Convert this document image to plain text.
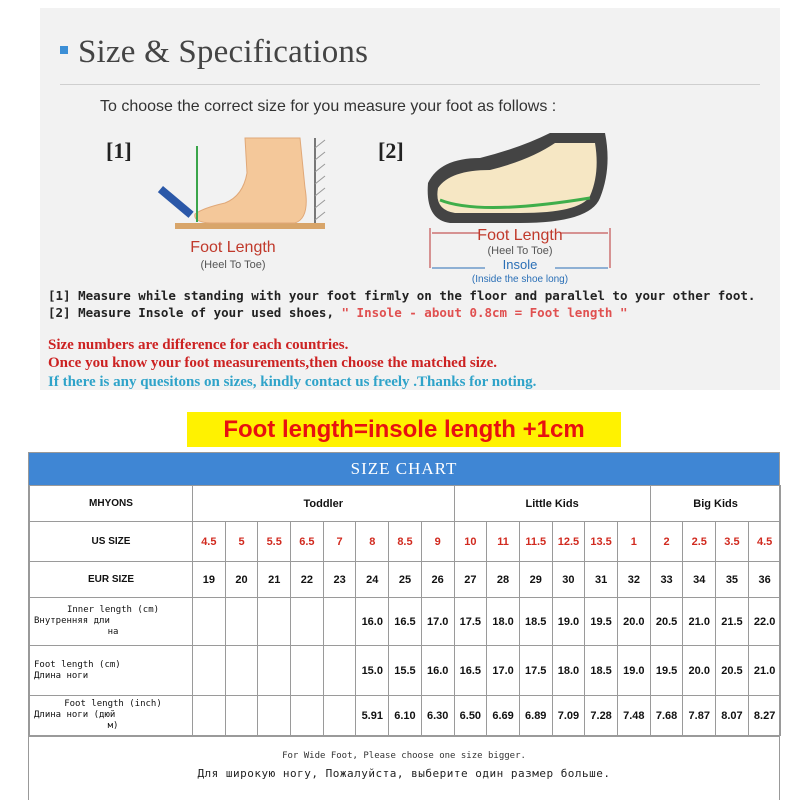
Size & Specifications
To choose the correct size for you measure your foot as follows :
[1]
Foot Length
(Heel To Toe)
[2]
Foot Length
(Heel To Toe)
Insole
(Inside the shoe long)
[1] Measure while standing with your foot firmly on the floor and parallel to your other foot.
[2] Measure Insole of your used shoes, " Insole - about 0.8cm = Foot length "
Size numbers are difference for each countries.
Once you know your foot measurements,then choose the matched size.
If there is any quesitons on sizes, kindly contact us freely .Thanks for noting.
Foot length=insole length +1cm
SIZE CHART
MHYONS	Toddler								Little Kids						Big Kids			
US SIZE	4.5	5	5.5	6.5	7	8	8.5	9	10	11	11.5	12.5	13.5	1	2	2.5	3.5	4.5
EUR SIZE	19	20	21	22	23	24	25	26	27	28	29	30	31	32	33	34	35	36

Inner length (cm)
Внутренняя дли
на						16.0	16.5	17.0	17.5	18.0	18.5	19.0	19.5	20.0	20.5	21.0	21.5	22.0

Foot length (cm)
Длина ноги						15.0	15.5	16.0	16.5	17.0	17.5	18.0	18.5	19.0	19.5	20.0	20.5	21.0

Foot length (inch)
Длина ноги (дюй
м)						5.91	6.10	6.30	6.50	6.69	6.89	7.09	7.28	7.48	7.68	7.87	8.07	8.27
For Wide Foot, Please choose one size bigger.
Для широкую ногу, Пожалуйста, выберите один размер больше.
